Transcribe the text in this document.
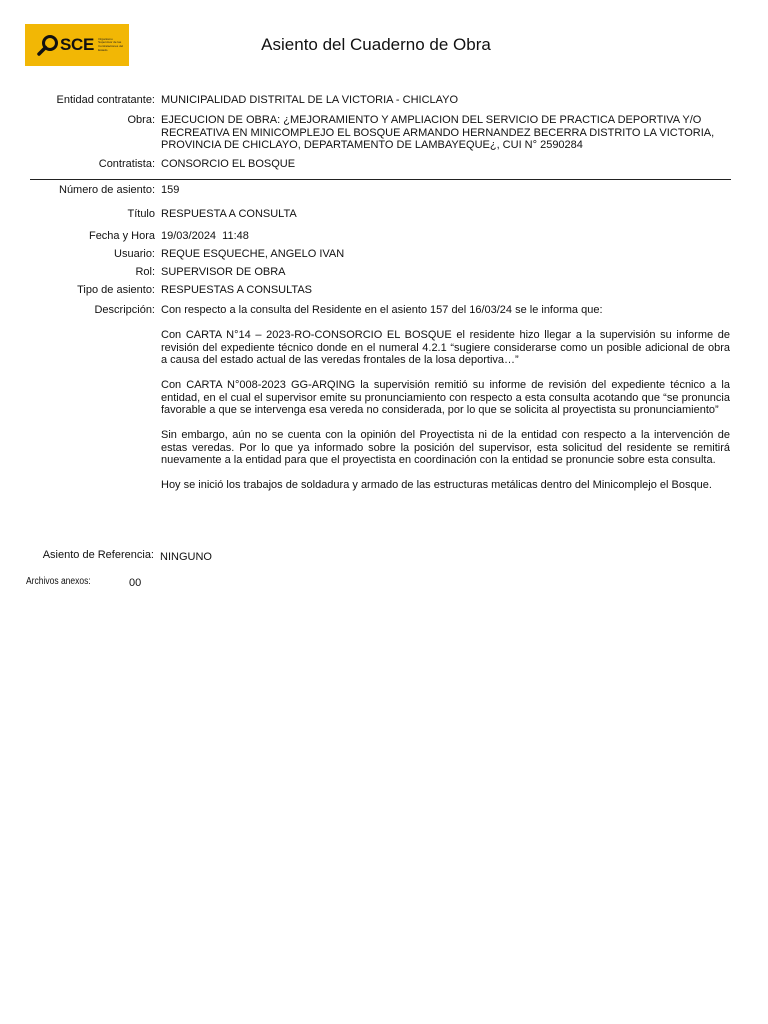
SCE Organismo Supervisor de las Contrataciones del Estado	Asiento del Cuaderno de Obra
Entidad contratante: MUNICIPALIDAD DISTRITAL DE LA VICTORIA - CHICLAYO
Obra: EJECUCION DE OBRA: ¿MEJORAMIENTO Y AMPLIACION DEL SERVICIO DE PRACTICA DEPORTIVA Y/O RECREATIVA EN MINICOMPLEJO EL BOSQUE ARMANDO HERNANDEZ BECERRA DISTRITO LA VICTORIA, PROVINCIA DE CHICLAYO, DEPARTAMENTO DE LAMBAYEQUE¿, CUI N° 2590284
Contratista: CONSORCIO EL BOSQUE
Número de asiento: 159
Título RESPUESTA A CONSULTA
Fecha y Hora 19/03/2024  11:48
Usuario: REQUE ESQUECHE, ANGELO IVAN
Rol: SUPERVISOR DE OBRA
Tipo de asiento: RESPUESTAS A CONSULTAS
Descripción: Con respecto a la consulta del Residente en el asiento 157 del 16/03/24 se le informa que:

Con CARTA N°14 – 2023-RO-CONSORCIO EL BOSQUE el residente hizo llegar a la supervisión su informe de revisión del expediente técnico donde en el numeral 4.2.1 “sugiere considerarse como un posible adicional de obra a causa del estado actual de las veredas frontales de la losa deportiva…”

Con CARTA N°008-2023 GG-ARQING la supervisión remitió su informe de revisión del expediente técnico a la entidad, en el cual el supervisor emite su pronunciamiento con respecto a esta consulta acotando que “se pronuncia favorable a que se intervenga esa vereda no considerada, por lo que se solicita al proyectista su pronunciamiento”

Sin embargo, aún no se cuenta con la opinión del Proyectista ni de la entidad con respecto a la intervención de estas veredas. Por lo que ya informado sobre la posición del supervisor, esta solicitud del residente se remitirá nuevamente a la entidad para que el proyectista en coordinación con la entidad se pronuncie sobre esta consulta.

Hoy se inició los trabajos de soldadura y armado de las estructuras metálicas dentro del Minicomplejo el Bosque.

Asiento de Referencia: NINGUNO
Archivos anexos:	00
